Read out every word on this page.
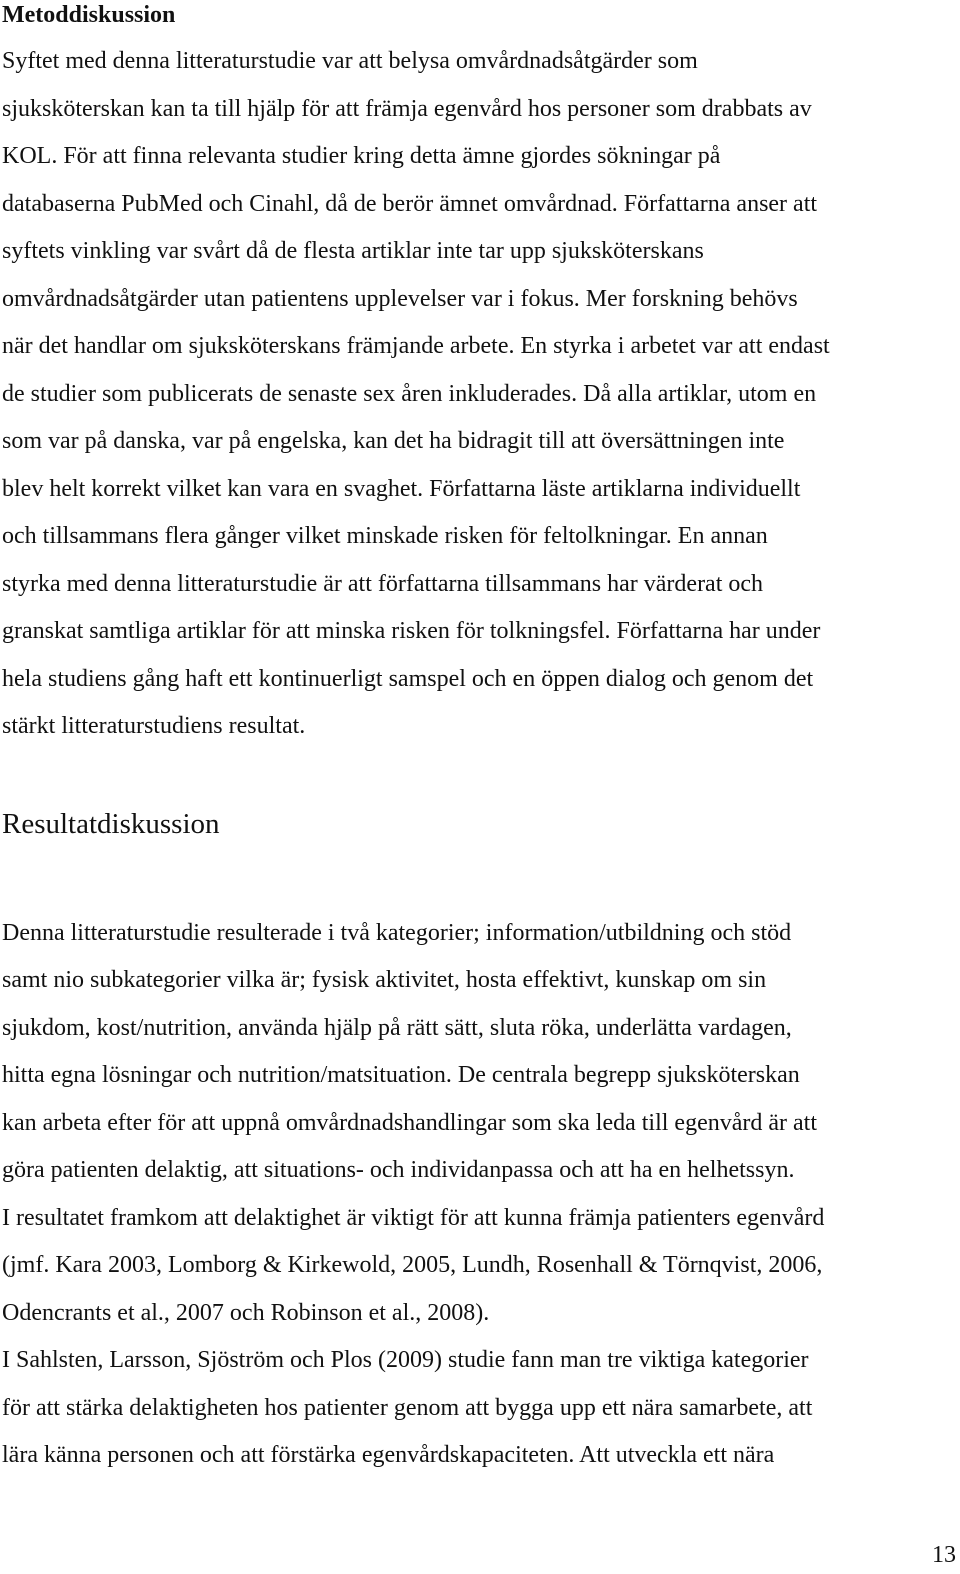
Metoddiskussion
Syftet med denna litteraturstudie var att belysa omvårdnadsåtgärder som
sjuksköterskan kan ta till hjälp för att främja egenvård hos personer som drabbats av
KOL. För att finna relevanta studier kring detta ämne gjordes sökningar på
databaserna PubMed och Cinahl, då de berör ämnet omvårdnad. Författarna anser att
syftets vinkling var svårt då de flesta artiklar inte tar upp sjuksköterskans
omvårdnadsåtgärder utan patientens upplevelser var i fokus. Mer forskning behövs
när det handlar om sjuksköterskans främjande arbete. En styrka i arbetet var att endast
de studier som publicerats de senaste sex åren inkluderades. Då alla artiklar, utom en
som var på danska, var på engelska, kan det ha bidragit till att översättningen inte
blev helt korrekt vilket kan vara en svaghet. Författarna läste artiklarna individuellt
och tillsammans flera gånger vilket minskade risken för feltolkningar. En annan
styrka med denna litteraturstudie är att författarna tillsammans har värderat och
granskat samtliga artiklar för att minska risken för tolkningsfel. Författarna har under
hela studiens gång haft ett kontinuerligt samspel och en öppen dialog och genom det
stärkt litteraturstudiens resultat.
Resultatdiskussion
Denna litteraturstudie resulterade i två kategorier; information/utbildning och stöd
samt nio subkategorier vilka är; fysisk aktivitet, hosta effektivt, kunskap om sin
sjukdom, kost/nutrition, använda hjälp på rätt sätt, sluta röka, underlätta vardagen,
hitta egna lösningar och nutrition/matsituation. De centrala begrepp sjuksköterskan
kan arbeta efter för att uppnå omvårdnadshandlingar som ska leda till egenvård är att
göra patienten delaktig, att situations- och individanpassa och att ha en helhetssyn.
I resultatet framkom att delaktighet är viktigt för att kunna främja patienters egenvård
(jmf. Kara 2003, Lomborg & Kirkewold, 2005, Lundh, Rosenhall & Törnqvist, 2006,
Odencrants et al., 2007 och Robinson et al., 2008).
I Sahlsten, Larsson, Sjöström och Plos (2009) studie fann man tre viktiga kategorier
för att stärka delaktigheten hos patienter genom att bygga upp ett nära samarbete, att
lära känna personen och att förstärka egenvårdskapaciteten. Att utveckla ett nära
13
